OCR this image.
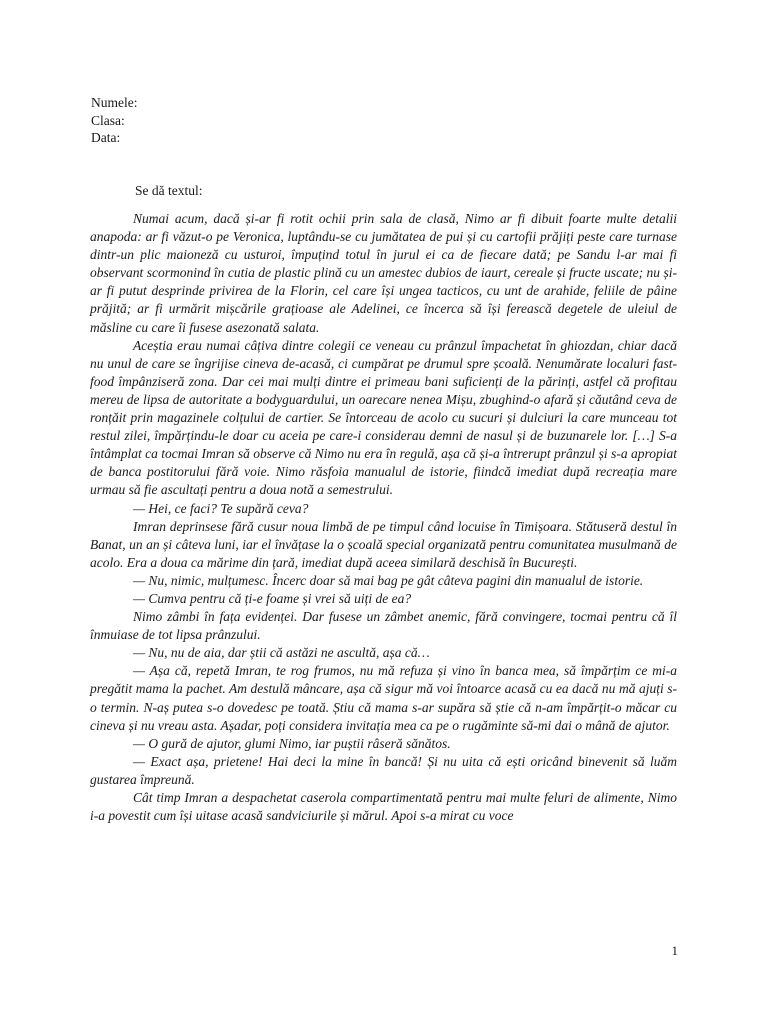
Numele:
Clasa:
Data:
Se dă textul:

Numai acum, dacă și-ar fi rotit ochii prin sala de clasă, Nimo ar fi dibuit foarte multe detalii anapoda: ar fi văzut-o pe Veronica, luptându-se cu jumătatea de pui și cu cartofii prăjiți peste care turnase dintr-un plic maioneză cu usturoi, împuțind totul în jurul ei ca de fiecare dată; pe Sandu l-ar mai fi observant scormonind în cutia de plastic plină cu un amestec dubios de iaurt, cereale și fructe uscate; nu și-ar fi putut desprinde privirea de la Florin, cel care își ungea tacticos, cu unt de arahide, feliile de pâine prăjită; ar fi urmărit mișcările grațioase ale Adelinei, ce încerca să își ferească degetele de uleiul de măsline cu care îi fusese asezonată salata.

Aceștia erau numai câțiva dintre colegii ce veneau cu prânzul împachetat în ghiozdan, chiar dacă nu unul de care se îngrijise cineva de-acasă, ci cumpărat pe drumul spre școală. Nenumărate localuri fast-food împânziseră zona. Dar cei mai mulți dintre ei primeau bani suficienți de la părinți, astfel că profitau mereu de lipsa de autoritate a bodyguardului, un oarecare nenea Mișu, zbughind-o afară și căutând ceva de ronțăit prin magazinele colțului de cartier. Se întorceau de acolo cu sucuri și dulciuri la care munceau tot restul zilei, împărțindu-le doar cu aceia pe care-i considerau demni de nasul și de buzunarele lor. […] S-a întâmplat ca tocmai Imran să observe că Nimo nu era în regulă, așa că și-a întrerupt prânzul și s-a apropiat de banca postitorului fără voie. Nimo răsfoia manualul de istorie, fiindcă imediat după recreația mare urmau să fie ascultați pentru a doua notă a semestrului.

— Hei, ce faci? Te supără ceva?

Imran deprinsese fără cusur noua limbă de pe timpul când locuise în Timișoara. Stătuseră destul în Banat, un an și câteva luni, iar el învățase la o școală special organizată pentru comunitatea musulmană de acolo. Era a doua ca mărime din țară, imediat după aceea similară deschisă în București.

— Nu, nimic, mulțumesc. Încerc doar să mai bag pe gât câteva pagini din manualul de istorie.

— Cumva pentru că ți-e foame și vrei să uiți de ea?

Nimo zâmbi în fața evidenței. Dar fusese un zâmbet anemic, fără convingere, tocmai pentru că îl înmuiase de tot lipsa prânzului.

— Nu, nu de aia, dar știi că astăzi ne ascultă, așa că…

— Așa că, repetă Imran, te rog frumos, nu mă refuza și vino în banca mea, să împărțim ce mi-a pregătit mama la pachet. Am destulă mâncare, așa că sigur mă voi întoarce acasă cu ea dacă nu mă ajuți s-o termin. N-aș putea s-o dovedesc pe toată. Știu că mama s-ar supăra să știe că n-am împărțit-o măcar cu cineva și nu vreau asta. Așadar, poți considera invitația mea ca pe o rugăminte să-mi dai o mână de ajutor.

— O gură de ajutor, glumi Nimo, iar puștii râseră sănătos.

— Exact așa, prietene! Hai deci la mine în bancă! Și nu uita că ești oricând binevenit să luăm gustarea împreună.

Cât timp Imran a despachetat caserola compartimentată pentru mai multe feluri de alimente, Nimo i-a povestit cum își uitase acasă sandviciurile și mărul. Apoi s-a mirat cu voce

1
